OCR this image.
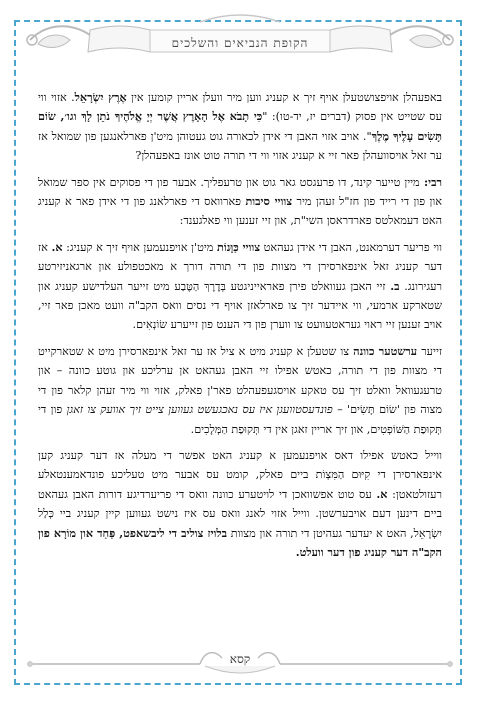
הקופת הנביאים והשלכים

באפעהלן אויפצושטעלן אויף זיך א קעניג ווען מיר וועלן אריין קומען אין אֶרֶץ יִשְׂרָאֵל. אזוי ווי עס שטייט אין פסוק (דברים יז, יד-טו): "כִּי תָבֹא אֶל הָאָרֶץ אֲשֶׁר יְיָ אֱלֹהֶיךָ נֹתֵן לָךְ וגו׳, שׂוֹם תָּשִׂים עָלֶיךָ מֶלֶךְ". אויב אזוי האבן די אידן לכאורה גוט געטוהן מיט'ן פארלאנגען פון שמואל אז ער זאל אויסוועהלן פאר זיי א קעניג אזוי ווי די תורה טוט אונז באפעהלן?

רבי: מיין טייער קינד, דו פרעגסט גאר גוט און טרעפליך. אבער פון די פסוקים אין ספר שמואל און פון די רייד פון חז"ל זעהן מיר צוויי סיבות פארוואס די פארלאנג פון די אידן פאר א קעניג האט דעמאלטס פארדראסן השי"ת, און זיי זענען ווי פאלגענד:

ווי פריער דערמאנט, האבן די אידן געהאט צוויי כַּוָּנוֹת מיט'ן אויפנעמען אויף זיך א קעניג: א. אז דער קעניג זאל אינפארסירן די מצוות פון די תורה דורך א מאכטפולע און ארגאניזירטע רעגירונג. ב. זיי האבן געוואלט פירן פאראייניגטע בְּדֶרֶךְ הַטֶּבַע מיט זייער העלדישע קעניג און שטארקע ארמעי, ווי איידער זיך צו פארלאזן אויף די נסים וואס הקב"ה וועט מאכן פאר זיי, אויב זענען זיי ראוי געראטעוועט צו ווערן פון די הענט פון זייערע שׂוֹנְאִים.

זייער ערשטער כוונה צו שטעלן א קעניג מיט א ציל אז ער זאל אינפארסירן מיט א שטארקייט די מצוות פון די תורה, כאטש אפילו זיי האבן געהאט אן ערליכע און גוטע כוונה – און טרעגעוואל וואלט זיך עס טאקע אויסגעפעהלט פאר'ן פאלק, אזוי ווי מיר זעהן קלאר פון די מצוה פון 'שׂוֹם תָּשִׂים' – פונדעסטוועגן איז עס נאכגעשט געווען צייט זיך אוועק צו זאגן פון די תְּקוּפַת הַשּׁוֹפְטִים, און זיך אריין זאגן אין די תְּקוּפַת הַמְּלָכִים.

ווייל כאטש אפילו דאס אויפנעמען א קעניג האט אפשר די מעלה אז דער קעניג קען אינפארסירן די קִיּוּם הַמִּצְוֹת ביים פאלק, קומט עס אבער מיט טעליכע פונדאמענטאלע רעזולטאטן: א. עס טוט אפשוואכן די לויטערע כוונה וואס די פריערדיגע דורות האבן געהאט ביים דינען דעם אויבערשטן. ווייל אזוי לאנג וואס עס איז נישט געווען קיין קעניג ביי כְּלַל יִשְׂרָאֵל, האט א יעדער געהיטן די תורה און מצוות בלויז צוליב די ליבשאפט, פַּחַד און מוֹרָא פון הקב"ה דער קעניג פון דער וועלט.

קסא
